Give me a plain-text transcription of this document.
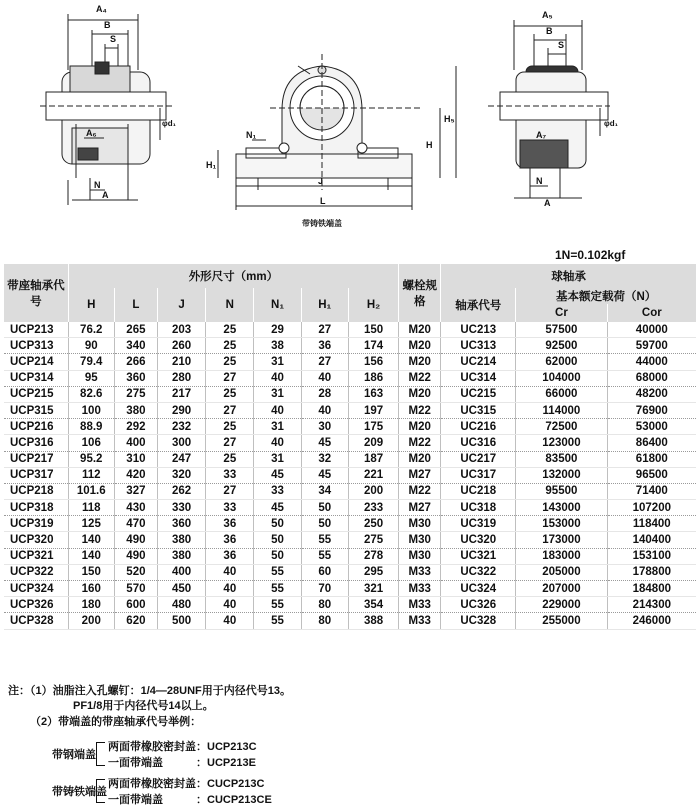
A₄
B
S
A₆
N
A
φd₁
N₁
H₁
H
H₅
J
L
带铸铁端盖
A₅
B
S
A₇
N
A
φd₁
1N=0.102kgf
带座轴承代号	外形尺寸（mm）							螺栓规格	球轴承		
	H	L	J	N	N₁	H₁	H₂		轴承代号	基本额定载荷（N）	
										Cr	Cor
UCP213	76.2	265	203	25	29	27	150	M20	UC213	57500	40000
UCP313	90	340	260	25	38	36	174	M20	UC313	92500	59700
UCP214	79.4	266	210	25	31	27	156	M20	UC214	62000	44000
UCP314	95	360	280	27	40	40	186	M22	UC314	104000	68000
UCP215	82.6	275	217	25	31	28	163	M20	UC215	66000	48200
UCP315	100	380	290	27	40	40	197	M22	UC315	114000	76900
UCP216	88.9	292	232	25	31	30	175	M20	UC216	72500	53000
UCP316	106	400	300	27	40	45	209	M22	UC316	123000	86400
UCP217	95.2	310	247	25	31	32	187	M20	UC217	83500	61800
UCP317	112	420	320	33	45	45	221	M27	UC317	132000	96500
UCP218	101.6	327	262	27	33	34	200	M22	UC218	95500	71400
UCP318	118	430	330	33	45	50	233	M27	UC318	143000	107200
UCP319	125	470	360	36	50	50	250	M30	UC319	153000	118400
UCP320	140	490	380	36	50	55	275	M30	UC320	173000	140400
UCP321	140	490	380	36	50	55	278	M30	UC321	183000	153100
UCP322	150	520	400	40	55	60	295	M33	UC322	205000	178800
UCP324	160	570	450	40	55	70	321	M33	UC324	207000	184800
UCP326	180	600	480	40	55	80	354	M33	UC326	229000	214300
UCP328	200	620	500	40	55	80	388	M33	UC328	255000	246000
注：（1）油脂注入孔螺钉：1/4—28UNF用于内径代号13。
PF1/8用于内径代号14以上。
（2）带端盖的带座轴承代号举例：
带钢端盖
两面带橡胶密封盖：UCP213C
一面带端盖　　　：UCP213E
带铸铁端盖
两面带橡胶密封盖：CUCP213C
一面带端盖　　　：CUCP213CE
